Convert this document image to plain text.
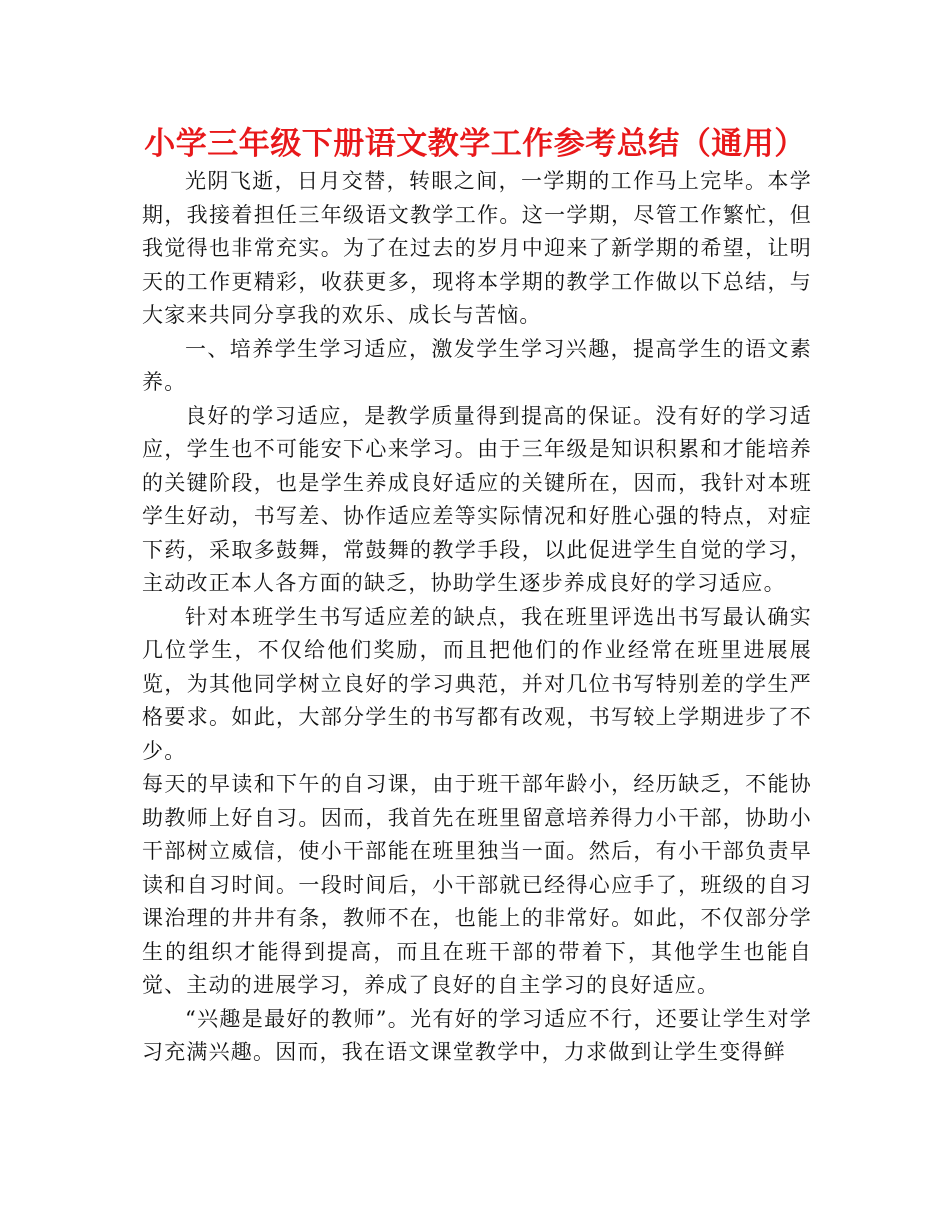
小学三年级下册语文教学工作参考总结（通用）

光阴飞逝，日月交替，转眼之间，一学期的工作马上完毕。本学期，我接着担任三年级语文教学工作。这一学期，尽管工作繁忙，但我觉得也非常充实。为了在过去的岁月中迎来了新学期的希望，让明天的工作更精彩，收获更多，现将本学期的教学工作做以下总结，与大家来共同分享我的欢乐、成长与苦恼。

一、培养学生学习适应，激发学生学习兴趣，提高学生的语文素养。

良好的学习适应，是教学质量得到提高的保证。没有好的学习适应，学生也不可能安下心来学习。由于三年级是知识积累和才能培养的关键阶段，也是学生养成良好适应的关键所在，因而，我针对本班学生好动，书写差、协作适应差等实际情况和好胜心强的特点，对症下药，采取多鼓舞，常鼓舞的教学手段，以此促进学生自觉的学习，主动改正本人各方面的缺乏，协助学生逐步养成良好的学习适应。

针对本班学生书写适应差的缺点，我在班里评选出书写最认确实几位学生，不仅给他们奖励，而且把他们的作业经常在班里进展展览，为其他同学树立良好的学习典范，并对几位书写特别差的学生严格要求。如此，大部分学生的书写都有改观，书写较上学期进步了不少。

每天的早读和下午的自习课，由于班干部年龄小，经历缺乏，不能协助教师上好自习。因而，我首先在班里留意培养得力小干部，协助小干部树立威信，使小干部能在班里独当一面。然后，有小干部负责早读和自习时间。一段时间后，小干部就已经得心应手了，班级的自习课治理的井井有条，教师不在，也能上的非常好。如此，不仅部分学生的组织才能得到提高，而且在班干部的带着下，其他学生也能自觉、主动的进展学习，养成了良好的自主学习的良好适应。

“兴趣是最好的教师”。光有好的学习适应不行，还要让学生对学习充满兴趣。因而，我在语文课堂教学中，力求做到让学生变得鲜
